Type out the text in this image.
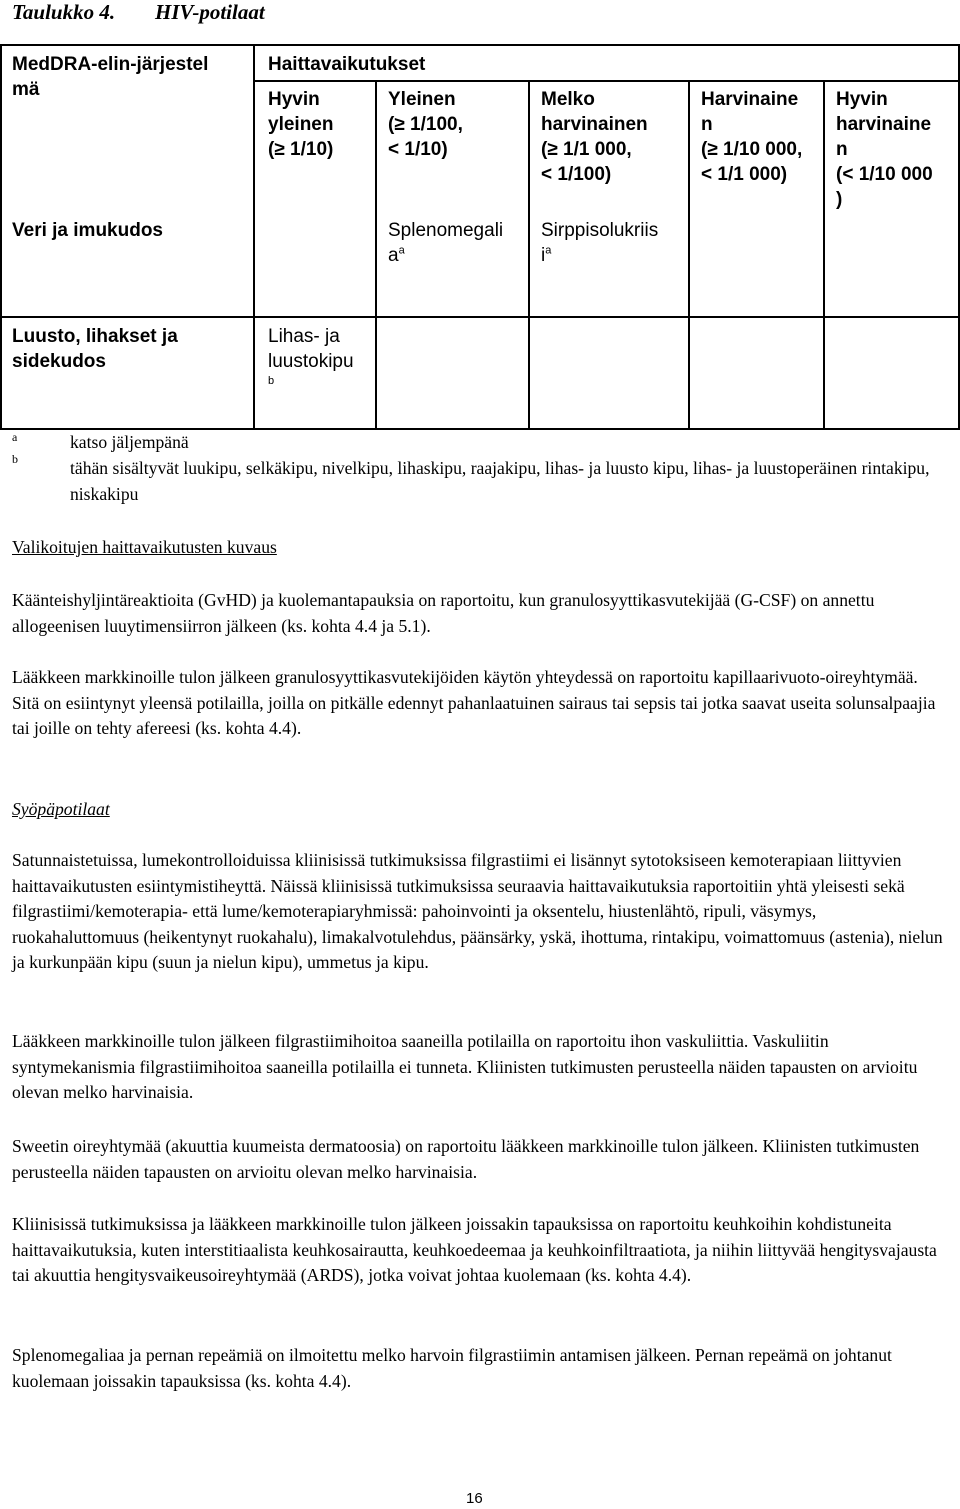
Taulukko 4. HIV-potilaat
MedDRA-elin-järjestel
mä
Haittavaikutukset
Hyvin
yleinen
(≥ 1/10)
Yleinen
(≥ 1/100,
< 1/10)
Melko
harvinainen
(≥ 1/1 000,
< 1/100)
Harvinaine
n
(≥ 1/10 000,
< 1/1 000)
Hyvin
harvinaine
n
(< 1/10 000
)
Veri ja imukudos	Splenomegali
$a^a$
Sirppisolukriis
$i^a$
Luusto, lihakset ja
sidekudos
Lihas- ja
luustokipu
b
a
b
katso jäljempänä
tähän sisältyvät luukipu, selkäkipu, nivelkipu, lihaskipu, raajakipu, lihas- ja luusto kipu, lihas- ja luustoperäinen rintakipu, niskakipu
Valikoitujen haittavaikutusten kuvaus
Käänteishyljintäreaktioita (GvHD) ja kuolemantapauksia on raportoitu, kun granulosyyttikasvutekijää (G-CSF) on annettu allogeenisen luuytimensiirron jälkeen (ks. kohta 4.4 ja 5.1).
Lääkkeen markkinoille tulon jälkeen granulosyyttikasvutekijöiden käytön yhteydessä on raportoitu kapillaarivuoto-oireyhtymää. Sitä on esiintynyt yleensä potilailla, joilla on pitkälle edennyt pahanlaatuinen sairaus tai sepsis tai jotka saavat useita solunsalpaajia tai joille on tehty afereesi (ks. kohta 4.4).
Syöpäpotilaat
Satunnaistetuissa, lumekontrolloiduissa kliinisissä tutkimuksissa filgrastiimi ei lisännyt sytotoksiseen kemoterapiaan liittyvien haittavaikutusten esiintymistiheyttä. Näissä kliinisissä tutkimuksissa seuraavia haittavaikutuksia raportoitiin yhtä yleisesti sekä filgrastiimi/kemoterapia- että lume/kemoterapiaryhmissä: pahoinvointi ja oksentelu, hiustenlähtö, ripuli, väsymys, ruokahaluttomuus (heikentynyt ruokahalu), limakalvotulehdus, päänsärky, yskä, ihottuma, rintakipu, voimattomuus (astenia), nielun ja kurkunpään kipu (suun ja nielun kipu), ummetus ja kipu.
Lääkkeen markkinoille tulon jälkeen filgrastiimihoitoa saaneilla potilailla on raportoitu ihon vaskuliittia. Vaskuliitin syntymekanismia filgrastiimihoitoa saaneilla potilailla ei tunneta. Kliinisten tutkimusten perusteella näiden tapausten on arvioitu olevan melko harvinaisia.
Sweetin oireyhtymää (akuuttia kuumeista dermatoosia) on raportoitu lääkkeen markkinoille tulon jälkeen. Kliinisten tutkimusten perusteella näiden tapausten on arvioitu olevan melko harvinaisia.
Kliinisissä tutkimuksissa ja lääkkeen markkinoille tulon jälkeen joissakin tapauksissa on raportoitu keuhkoihin kohdistuneita haittavaikutuksia, kuten interstitiaalista keuhkosairautta, keuhkoedeemaa ja keuhkoinfiltraatiota, ja niihin liittyvää hengitysvajausta tai akuuttia hengitysvaikeusoireyhtymää (ARDS), jotka voivat johtaa kuolemaan (ks. kohta 4.4).
Splenomegaliaa ja pernan repeämiä on ilmoitettu melko harvoin filgrastiimin antamisen jälkeen. Pernan repeämä on johtanut kuolemaan joissakin tapauksissa (ks. kohta 4.4).
16
